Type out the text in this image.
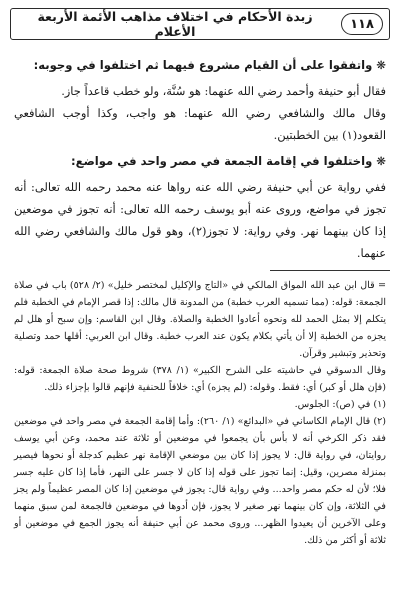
١١٨
زبدة الأحكام في اختلاف مذاهب الأئمة الأربعة الأعلام
❋واتفقوا على أن القيام مشروع فيهما ثم اختلفوا في وجوبه:
فقال أبو حنيفة وأحمد رضي الله عنهما: هو سُنَّة، ولو خطب قاعداً جاز.
وقال مالك والشافعي رضي الله عنهما: هو واجب، وكذا أوجب الشافعي القعود(١) بين الخطبتين.
❋واختلفوا في إقامة الجمعة في مصر واحد في مواضع:
ففي رواية عن أبي حنيفة رضي الله عنه رواها عنه محمد رحمه الله تعالى: أنه تجوز في مواضع، وروى عنه أبو يوسف رحمه الله تعالى: أنه تجوز في موضعين إذا كان بينهما نهر. وفي رواية: لا تجوز(٢)، وهو قول مالك والشافعي رضي الله عنهما.

= قال ابن عبد الله المواق المالكي في «التاج والإكليل لمختصر خليل» (٢/ ٥٢٨) باب في صلاة الجمعة: قوله: (مما تسميه العرب خطبة) من المدونة قال مالك: إذا قصر الإمام في الخطبة فلم يتكلم إلا بمثل الحمد لله ونحوه أعادوا الخطبة والصلاة. وقال ابن القاسم: وإن سبح أو هلل لم يجزه من الخطبة إلا أن يأتي بكلام يكون عند العرب خطبة. وقال ابن العربي: أقلها حمد وتصلية وتحذير وتبشير وقرآن.

وقال الدسوقي في حاشيته على الشرح الكبير» (١/ ٣٧٨) شروط صحة صلاة الجمعة: قوله: (فإن هلل أو كبر) أي: فقط. وقوله: (لم يجزه) أي: خلافاً للحنفية فإنهم قالوا بإجزاء ذلك.

(١) في (ص): الجلوس.

(٢) قال الإمام الكاساني في «البدائع» (١/ ٢٦٠): وأما إقامة الجمعة في مصر واحد في موضعين فقد ذكر الكرخي أنه لا بأس بأن يجمعوا في موضعين أو ثلاثة عند محمد، وعن أبي يوسف روايتان، في رواية قال: لا يجوز إذا كان بين موضعي الإقامة نهر عظيم كدجلة أو نحوها فيصير بمنزلة مصرين، وقيل: إنما تجوز على قوله إذا كان لا جسر على النهر، فأما إذا كان عليه جسر فلا؛ لأن له حكم مصر واحد... وفي رواية قال: يجوز في موضعين إذا كان المصر عظيماً ولم يجز في الثلاثة، وإن كان بينهما نهر صغير لا يجوز، فإن أدوها في موضعين فالجمعة لمن سبق منهما وعلى الآخرين أن يعيدوا الظهر... وروى محمد عن أبي حنيفة أنه يجوز الجمع في موضعين أو ثلاثة أو أكثر من ذلك.
